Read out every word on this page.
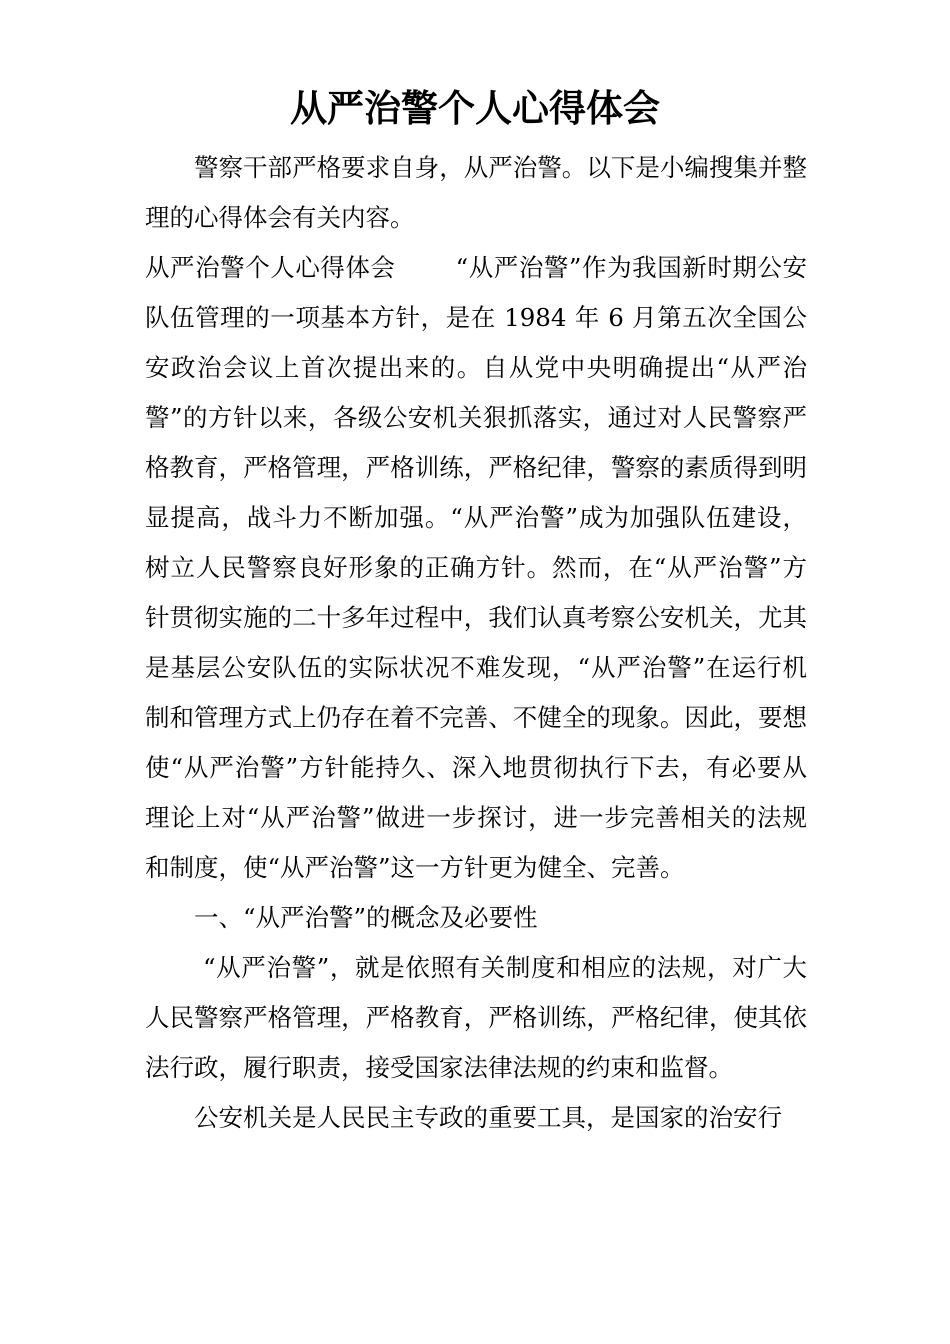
从严治警个人心得体会

警察干部严格要求自身，从严治警。以下是小编搜集并整理的心得体会有关内容。

从严治警个人心得体会 “从严治警”作为我国新时期公安队伍管理的一项基本方针，是在 1984 年 6 月第五次全国公安政治会议上首次提出来的。自从党中央明确提出“从严治警”的方针以来，各级公安机关狠抓落实，通过对人民警察严格教育，严格管理，严格训练，严格纪律，警察的素质得到明显提高，战斗力不断加强。“从严治警”成为加强队伍建设，树立人民警察良好形象的正确方针。然而，在“从严治警”方针贯彻实施的二十多年过程中，我们认真考察公安机关，尤其是基层公安队伍的实际状况不难发现，“从严治警”在运行机制和管理方式上仍存在着不完善、不健全的现象。因此，要想使“从严治警”方针能持久、深入地贯彻执行下去，有必要从理论上对“从严治警”做进一步探讨，进一步完善相关的法规和制度，使“从严治警”这一方针更为健全、完善。

一、“从严治警”的概念及必要性

“从严治警”，就是依照有关制度和相应的法规，对广大人民警察严格管理，严格教育，严格训练，严格纪律，使其依法行政，履行职责，接受国家法律法规的约束和监督。

公安机关是人民民主专政的重要工具，是国家的治安行
